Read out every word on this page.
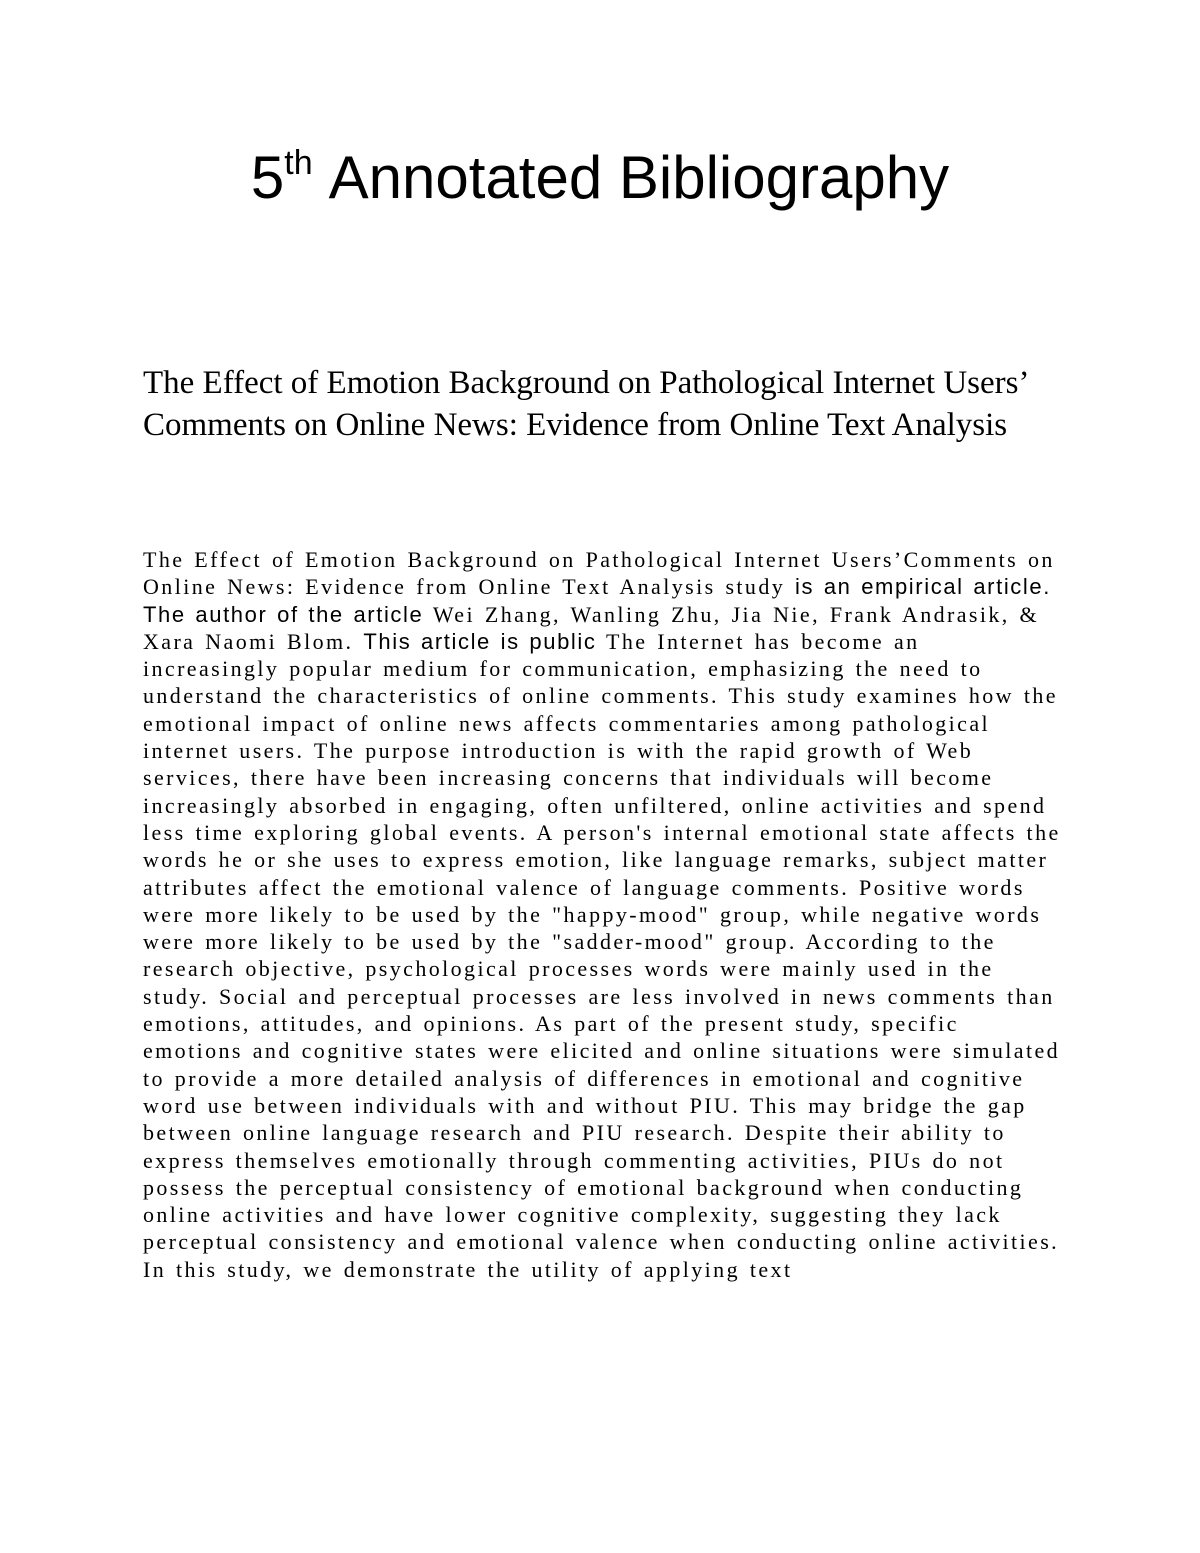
5th Annotated Bibliography
The Effect of Emotion Background on Pathological Internet Users’ Comments on Online News: Evidence from Online Text Analysis

The Effect of Emotion Background on Pathological Internet Users’Comments on Online News: Evidence from Online Text Analysis study is an empirical article. The author of the article Wei Zhang, Wanling Zhu, Jia Nie, Frank Andrasik, & Xara Naomi Blom. This article is public The Internet has become an increasingly popular medium for communication, emphasizing the need to understand the characteristics of online comments. This study examines how the emotional impact of online news affects commentaries among pathological internet users. The purpose introduction is with the rapid growth of Web services, there have been increasing concerns that individuals will become increasingly absorbed in engaging, often unfiltered, online activities and spend less time exploring global events. A person's internal emotional state affects the words he or she uses to express emotion, like language remarks, subject matter attributes affect the emotional valence of language comments. Positive words were more likely to be used by the "happy-mood" group, while negative words were more likely to be used by the "sadder-mood" group. According to the research objective, psychological processes words were mainly used in the study. Social and perceptual processes are less involved in news comments than emotions, attitudes, and opinions. As part of the present study, specific emotions and cognitive states were elicited and online situations were simulated to provide a more detailed analysis of differences in emotional and cognitive word use between individuals with and without PIU. This may bridge the gap between online language research and PIU research. Despite their ability to express themselves emotionally through commenting activities, PIUs do not possess the perceptual consistency of emotional background when conducting online activities and have lower cognitive complexity, suggesting they lack perceptual consistency and emotional valence when conducting online activities. In this study, we demonstrate the utility of applying text
